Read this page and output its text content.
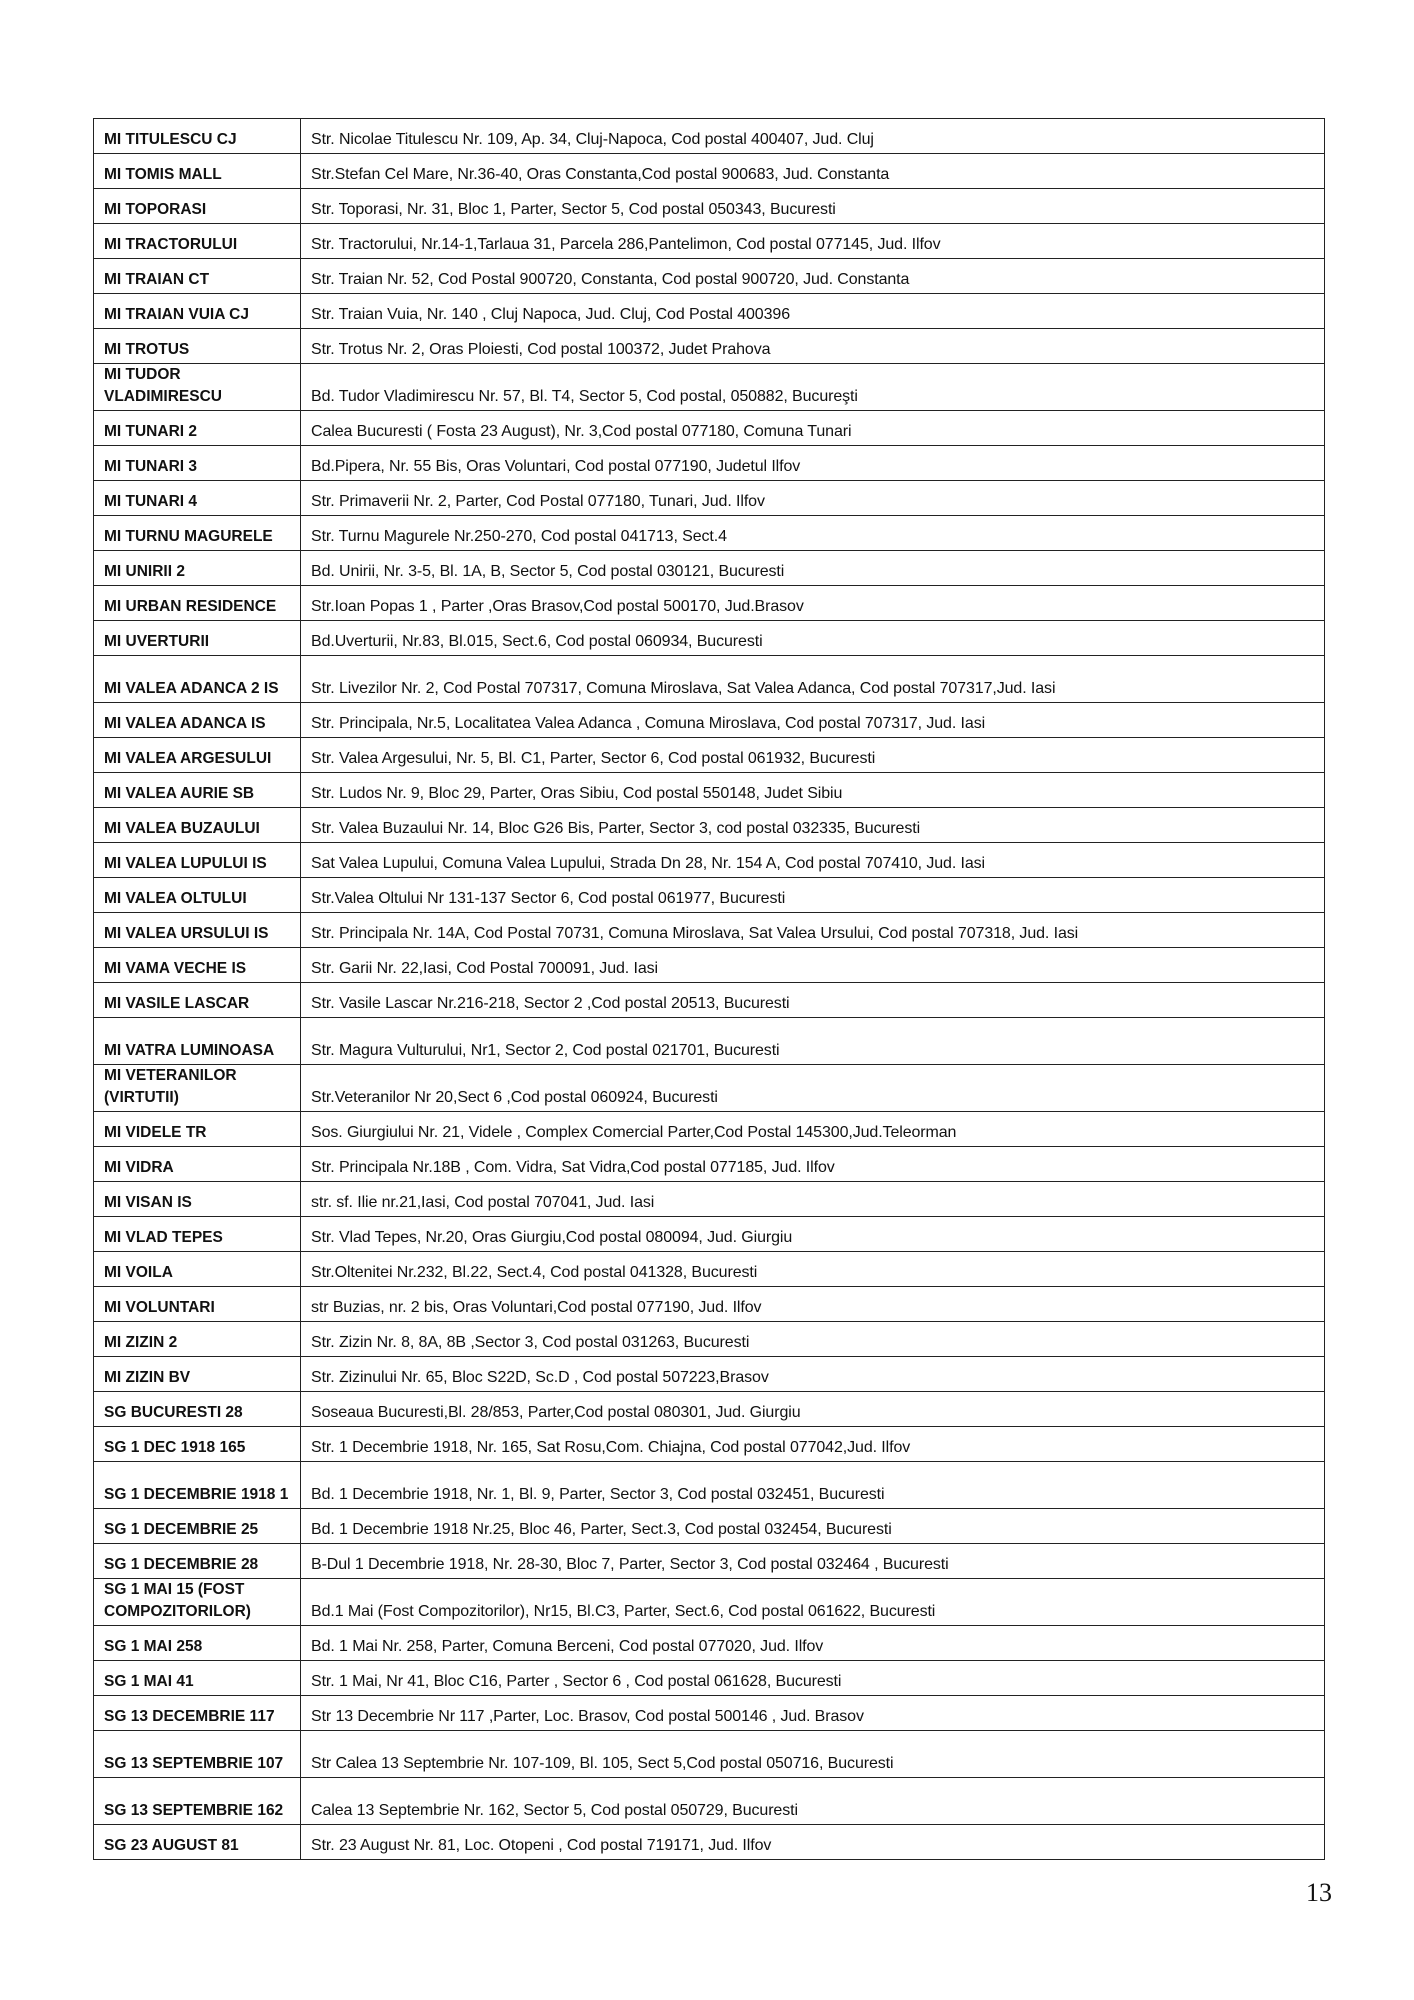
MI TITULESCU CJ	Str. Nicolae Titulescu Nr. 109, Ap. 34, Cluj-Napoca, Cod postal 400407, Jud. Cluj
MI TOMIS MALL	Str.Stefan Cel Mare, Nr.36-40, Oras Constanta,Cod postal 900683, Jud. Constanta
MI TOPORASI	Str. Toporasi, Nr. 31, Bloc 1, Parter, Sector 5, Cod postal 050343, Bucuresti
MI TRACTORULUI	Str. Tractorului, Nr.14-1,Tarlaua 31, Parcela 286,Pantelimon, Cod postal 077145, Jud. Ilfov
MI TRAIAN CT	Str. Traian Nr. 52, Cod Postal 900720, Constanta, Cod postal 900720, Jud. Constanta
MI TRAIAN VUIA CJ	Str. Traian Vuia, Nr. 140 , Cluj Napoca, Jud. Cluj, Cod Postal 400396
MI TROTUS	Str. Trotus Nr. 2, Oras Ploiesti, Cod postal 100372, Judet Prahova
MI TUDOR VLADIMIRESCU	Bd. Tudor Vladimirescu Nr. 57, Bl. T4, Sector 5, Cod postal, 050882, Bucureşti
MI TUNARI 2	Calea Bucuresti ( Fosta 23 August), Nr. 3,Cod postal 077180, Comuna Tunari
MI TUNARI 3	Bd.Pipera, Nr. 55 Bis, Oras Voluntari, Cod postal 077190, Judetul Ilfov
MI TUNARI 4	Str. Primaverii Nr. 2, Parter, Cod Postal 077180, Tunari, Jud. Ilfov
MI TURNU MAGURELE	Str. Turnu Magurele Nr.250-270, Cod postal 041713, Sect.4
MI UNIRII 2	Bd. Unirii, Nr. 3-5, Bl. 1A, B, Sector 5, Cod postal 030121, Bucuresti
MI URBAN RESIDENCE	Str.Ioan Popas 1 , Parter ,Oras Brasov,Cod postal 500170, Jud.Brasov
MI UVERTURII	Bd.Uverturii, Nr.83, Bl.015, Sect.6, Cod postal 060934, Bucuresti
MI VALEA ADANCA 2 IS	Str. Livezilor Nr. 2, Cod Postal 707317, Comuna Miroslava, Sat Valea Adanca, Cod postal 707317,Jud. Iasi
MI VALEA ADANCA IS	Str. Principala, Nr.5, Localitatea Valea Adanca , Comuna Miroslava, Cod postal 707317, Jud. Iasi
MI VALEA ARGESULUI	Str. Valea Argesului, Nr. 5, Bl. C1, Parter, Sector 6, Cod postal 061932, Bucuresti
MI VALEA AURIE SB	Str. Ludos Nr. 9, Bloc 29, Parter, Oras Sibiu, Cod postal 550148, Judet Sibiu
MI VALEA BUZAULUI	Str. Valea Buzaului Nr. 14, Bloc G26 Bis, Parter, Sector 3, cod postal 032335, Bucuresti
MI VALEA LUPULUI IS	Sat Valea Lupului, Comuna Valea Lupului, Strada Dn 28, Nr. 154 A, Cod postal 707410, Jud. Iasi
MI VALEA OLTULUI	Str.Valea Oltului Nr 131-137 Sector 6, Cod postal 061977, Bucuresti
MI VALEA URSULUI IS	Str. Principala Nr. 14A, Cod Postal 70731, Comuna Miroslava, Sat Valea Ursului, Cod postal 707318, Jud. Iasi
MI VAMA VECHE IS	Str. Garii Nr. 22,Iasi, Cod Postal 700091, Jud. Iasi
MI VASILE LASCAR	Str. Vasile Lascar Nr.216-218, Sector 2 ,Cod postal 20513, Bucuresti
MI VATRA LUMINOASA	Str. Magura Vulturului, Nr1, Sector 2, Cod postal 021701, Bucuresti
MI VETERANILOR (VIRTUTII)	Str.Veteranilor Nr 20,Sect 6 ,Cod postal 060924, Bucuresti
MI VIDELE TR	Sos. Giurgiului Nr. 21, Videle , Complex Comercial Parter,Cod Postal 145300,Jud.Teleorman
MI VIDRA	Str. Principala Nr.18B , Com. Vidra, Sat Vidra,Cod postal 077185, Jud. Ilfov
MI VISAN IS	str. sf. Ilie nr.21,Iasi, Cod postal 707041, Jud. Iasi
MI VLAD TEPES	Str. Vlad Tepes, Nr.20, Oras Giurgiu,Cod postal 080094, Jud. Giurgiu
MI VOILA	Str.Oltenitei Nr.232, Bl.22, Sect.4, Cod postal 041328, Bucuresti
MI VOLUNTARI	str Buzias, nr. 2 bis, Oras Voluntari,Cod postal 077190, Jud. Ilfov
MI ZIZIN 2	Str. Zizin Nr. 8, 8A, 8B ,Sector 3, Cod postal 031263, Bucuresti
MI ZIZIN BV	Str. Zizinului Nr. 65, Bloc S22D, Sc.D , Cod postal 507223,Brasov
SG BUCURESTI 28	Soseaua Bucuresti,Bl. 28/853, Parter,Cod postal 080301, Jud. Giurgiu
SG 1 DEC 1918 165	Str. 1 Decembrie 1918, Nr. 165, Sat Rosu,Com. Chiajna, Cod postal 077042,Jud. Ilfov
SG 1 DECEMBRIE 1918 1	Bd. 1 Decembrie 1918, Nr. 1, Bl. 9, Parter, Sector 3, Cod postal 032451, Bucuresti
SG 1 DECEMBRIE 25	Bd. 1 Decembrie 1918 Nr.25, Bloc 46, Parter, Sect.3, Cod postal 032454, Bucuresti
SG 1 DECEMBRIE 28	B-Dul 1 Decembrie 1918, Nr. 28-30, Bloc 7, Parter, Sector 3, Cod postal 032464 , Bucuresti
SG 1 MAI 15 (FOST COMPOZITORILOR)	Bd.1 Mai (Fost Compozitorilor), Nr15, Bl.C3, Parter, Sect.6, Cod postal 061622, Bucuresti
SG 1 MAI 258	Bd. 1 Mai Nr. 258, Parter, Comuna Berceni, Cod postal 077020, Jud. Ilfov
SG 1 MAI 41	Str. 1 Mai, Nr 41, Bloc C16, Parter , Sector 6 , Cod postal 061628, Bucuresti
SG 13 DECEMBRIE 117	Str 13 Decembrie Nr 117 ,Parter, Loc. Brasov, Cod postal 500146 , Jud. Brasov
SG 13 SEPTEMBRIE 107	Str Calea 13 Septembrie Nr. 107-109, Bl. 105, Sect 5,Cod postal 050716, Bucuresti
SG 13 SEPTEMBRIE 162	Calea 13 Septembrie Nr. 162, Sector 5, Cod postal 050729, Bucuresti
SG 23 AUGUST 81	Str. 23 August Nr. 81, Loc. Otopeni , Cod postal 719171, Jud. Ilfov
13
